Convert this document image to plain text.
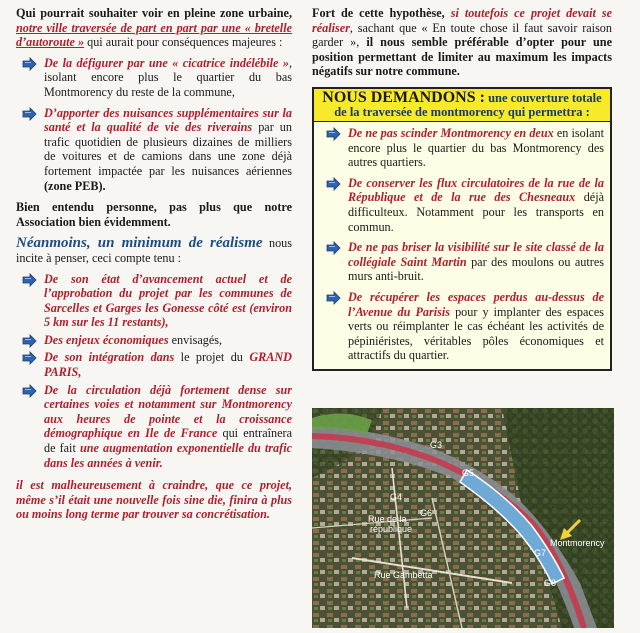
Qui pourrait souhaiter voir en pleine zone urbaine, notre ville traversée de part en part par une « bretelle d’autoroute » qui aurait pour conséquences majeures :

De la défigurer par une « cicatrice indélébile », isolant encore plus le quartier du bas Montmorency du reste de la commune,

D’apporter des nuisances supplémentaires sur la santé et la qualité de vie des riverains par un trafic quotidien de plusieurs dizaines de milliers de voitures et de camions dans une zone déjà fortement impactée par les nuisances aériennes (zone PEB).

Bien entendu personne, pas plus que notre Association bien évidemment.

Néanmoins, un minimum de réalisme nous incite à penser, ceci compte tenu :

De son état d’avancement actuel et de l’approbation du projet par les communes de Sarcelles et Garges les Gonesse côté est (environ 5 km sur les 11 restants),

Des enjeux économiques envisagés,

De son intégration dans le projet du GRAND PARIS,

De la circulation déjà fortement dense sur certaines voies et notamment sur Montmorency aux heures de pointe et la croissance démographique en Ile de France qui entraînera de fait une augmentation exponentielle du trafic dans les années à venir.

il est malheureusement à craindre, que ce projet, même s’il était une nouvelle fois sine die, finira à plus ou moins long terme par trouver sa concrétisation.

Fort de cette hypothèse, si toutefois ce projet devait se réaliser, sachant que « En toute chose il faut savoir raison garder », il nous semble préférable d’opter pour une position permettant de limiter au maximum les impacts négatifs sur notre commune.

NOUS DEMANDONS : une couverture totale de la traversée de montmorency qui permettra :

De ne pas scinder Montmorency en deux en isolant encore plus le quartier du bas Montmorency des autres quartiers.

De conserver les flux circulatoires de la rue de la République et de la rue des Chesneaux déjà difficulteux. Notamment pour les transports en commun.

De ne pas briser la visibilité sur le site classé de la collégiale Saint Martin par des moulons ou autres murs anti-bruit.

De récupérer les espaces perdus au-dessus de l’Avenue du Parisis pour y implanter des espaces verts ou réimplanter le cas échéant les activités de pépiniéristes, véritables pôles économiques et attractifs du quartier.

G3
G5
G4
G6
G7
G8
Rue de la
république
Montmorency
Rue Gambetta
